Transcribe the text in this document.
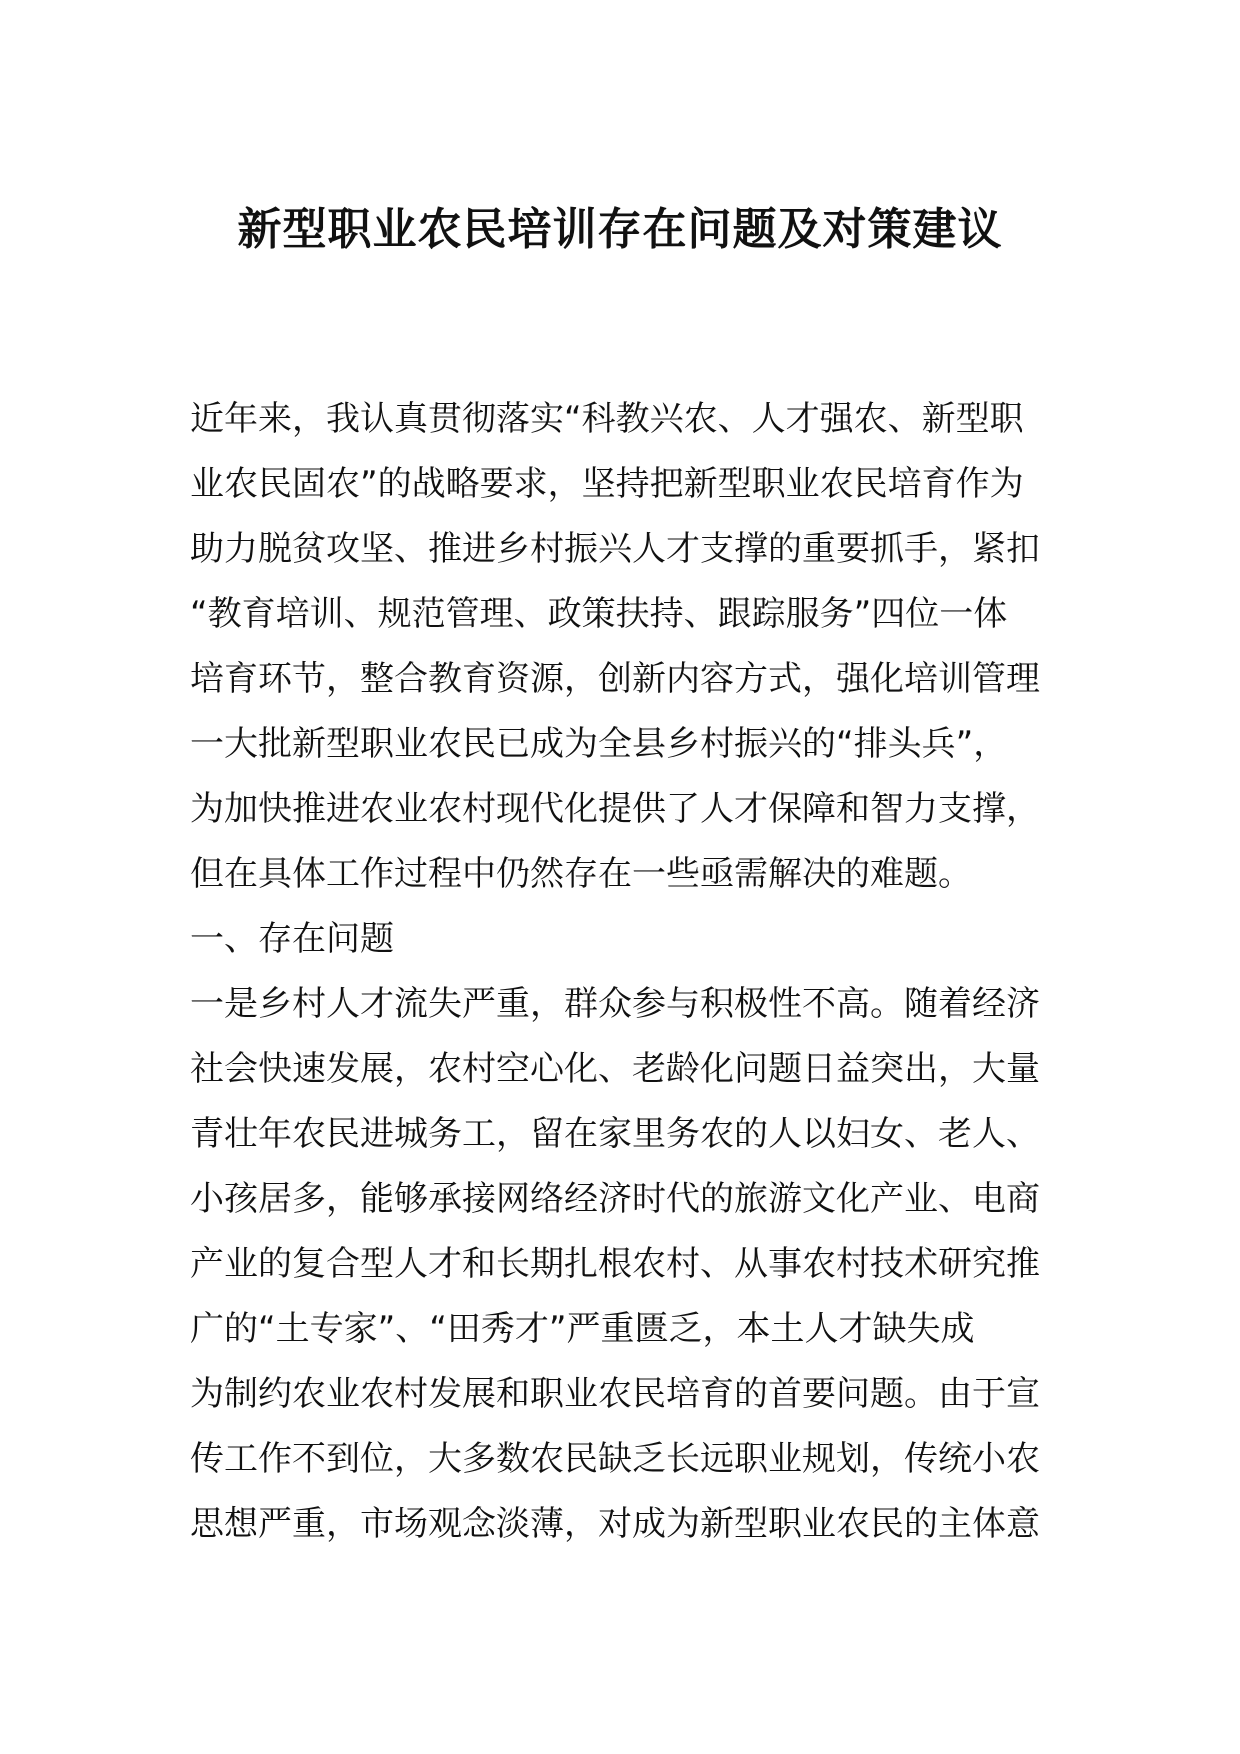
新型职业农民培训存在问题及对策建议

近年来，我认真贯彻落实“科教兴农、人才强农、新型职

业农民固农”的战略要求，坚持把新型职业农民培育作为

助力脱贫攻坚、推进乡村振兴人才支撑的重要抓手，紧扣

“教育培训、规范管理、政策扶持、跟踪服务”四位一体

培育环节，整合教育资源，创新内容方式，强化培训管理

一大批新型职业农民已成为全县乡村振兴的“排头兵”，

为加快推进农业农村现代化提供了人才保障和智力支撑，

但在具体工作过程中仍然存在一些亟需解决的难题。

一、存在问题

一是乡村人才流失严重，群众参与积极性不高。随着经济

社会快速发展，农村空心化、老龄化问题日益突出，大量

青壮年农民进城务工，留在家里务农的人以妇女、老人、

小孩居多，能够承接网络经济时代的旅游文化产业、电商

产业的复合型人才和长期扎根农村、从事农村技术研究推

广的“土专家”、“田秀才”严重匮乏，本土人才缺失成

为制约农业农村发展和职业农民培育的首要问题。由于宣

传工作不到位，大多数农民缺乏长远职业规划，传统小农

思想严重，市场观念淡薄，对成为新型职业农民的主体意
